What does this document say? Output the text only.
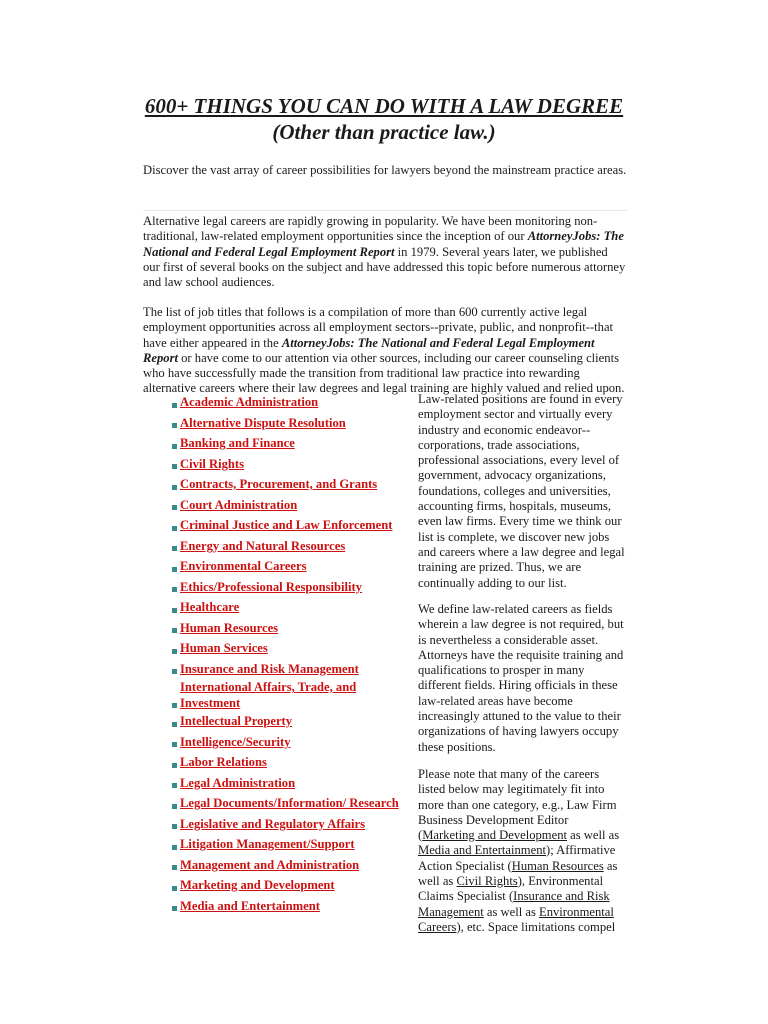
600+ THINGS YOU CAN DO WITH A LAW DEGREE
(Other than practice law.)
Discover the vast array of career possibilities for lawyers beyond the mainstream practice areas.
Alternative legal careers are rapidly growing in popularity. We have been monitoring non-traditional, law-related employment opportunities since the inception of our AttorneyJobs: The National and Federal Legal Employment Report in 1979. Several years later, we published our first of several books on the subject and have addressed this topic before numerous attorney and law school audiences.
The list of job titles that follows is a compilation of more than 600 currently active legal employment opportunities across all employment sectors--private, public, and nonprofit--that have either appeared in the AttorneyJobs: The National and Federal Legal Employment Report or have come to our attention via other sources, including our career counseling clients who have successfully made the transition from traditional law practice into rewarding alternative careers where their law degrees and legal training are highly valued and relied upon.
Academic Administration
Alternative Dispute Resolution
Banking and Finance
Civil Rights
Contracts, Procurement, and Grants
Court Administration
Criminal Justice and Law Enforcement
Energy and Natural Resources
Environmental Careers
Ethics/Professional Responsibility
Healthcare
Human Resources
Human Services
Insurance and Risk Management
International Affairs, Trade, and Investment
Intellectual Property
Intelligence/Security
Labor Relations
Legal Administration
Legal Documents/Information/ Research
Legislative and Regulatory Affairs
Litigation Management/Support
Management and Administration
Marketing and Development
Media and Entertainment
Law-related positions are found in every employment sector and virtually every industry and economic endeavor--corporations, trade associations, professional associations, every level of government, advocacy organizations, foundations, colleges and universities, accounting firms, hospitals, museums, even law firms. Every time we think our list is complete, we discover new jobs and careers where a law degree and legal training are prized. Thus, we are continually adding to our list.
We define law-related careers as fields wherein a law degree is not required, but is nevertheless a considerable asset. Attorneys have the requisite training and qualifications to prosper in many different fields. Hiring officials in these law-related areas have become increasingly attuned to the value to their organizations of having lawyers occupy these positions.
Please note that many of the careers listed below may legitimately fit into more than one category, e.g., Law Firm Business Development Editor (Marketing and Development as well as Media and Entertainment); Affirmative Action Specialist (Human Resources as well as Civil Rights), Environmental Claims Specialist (Insurance and Risk Management as well as Environmental Careers), etc. Space limitations compel
